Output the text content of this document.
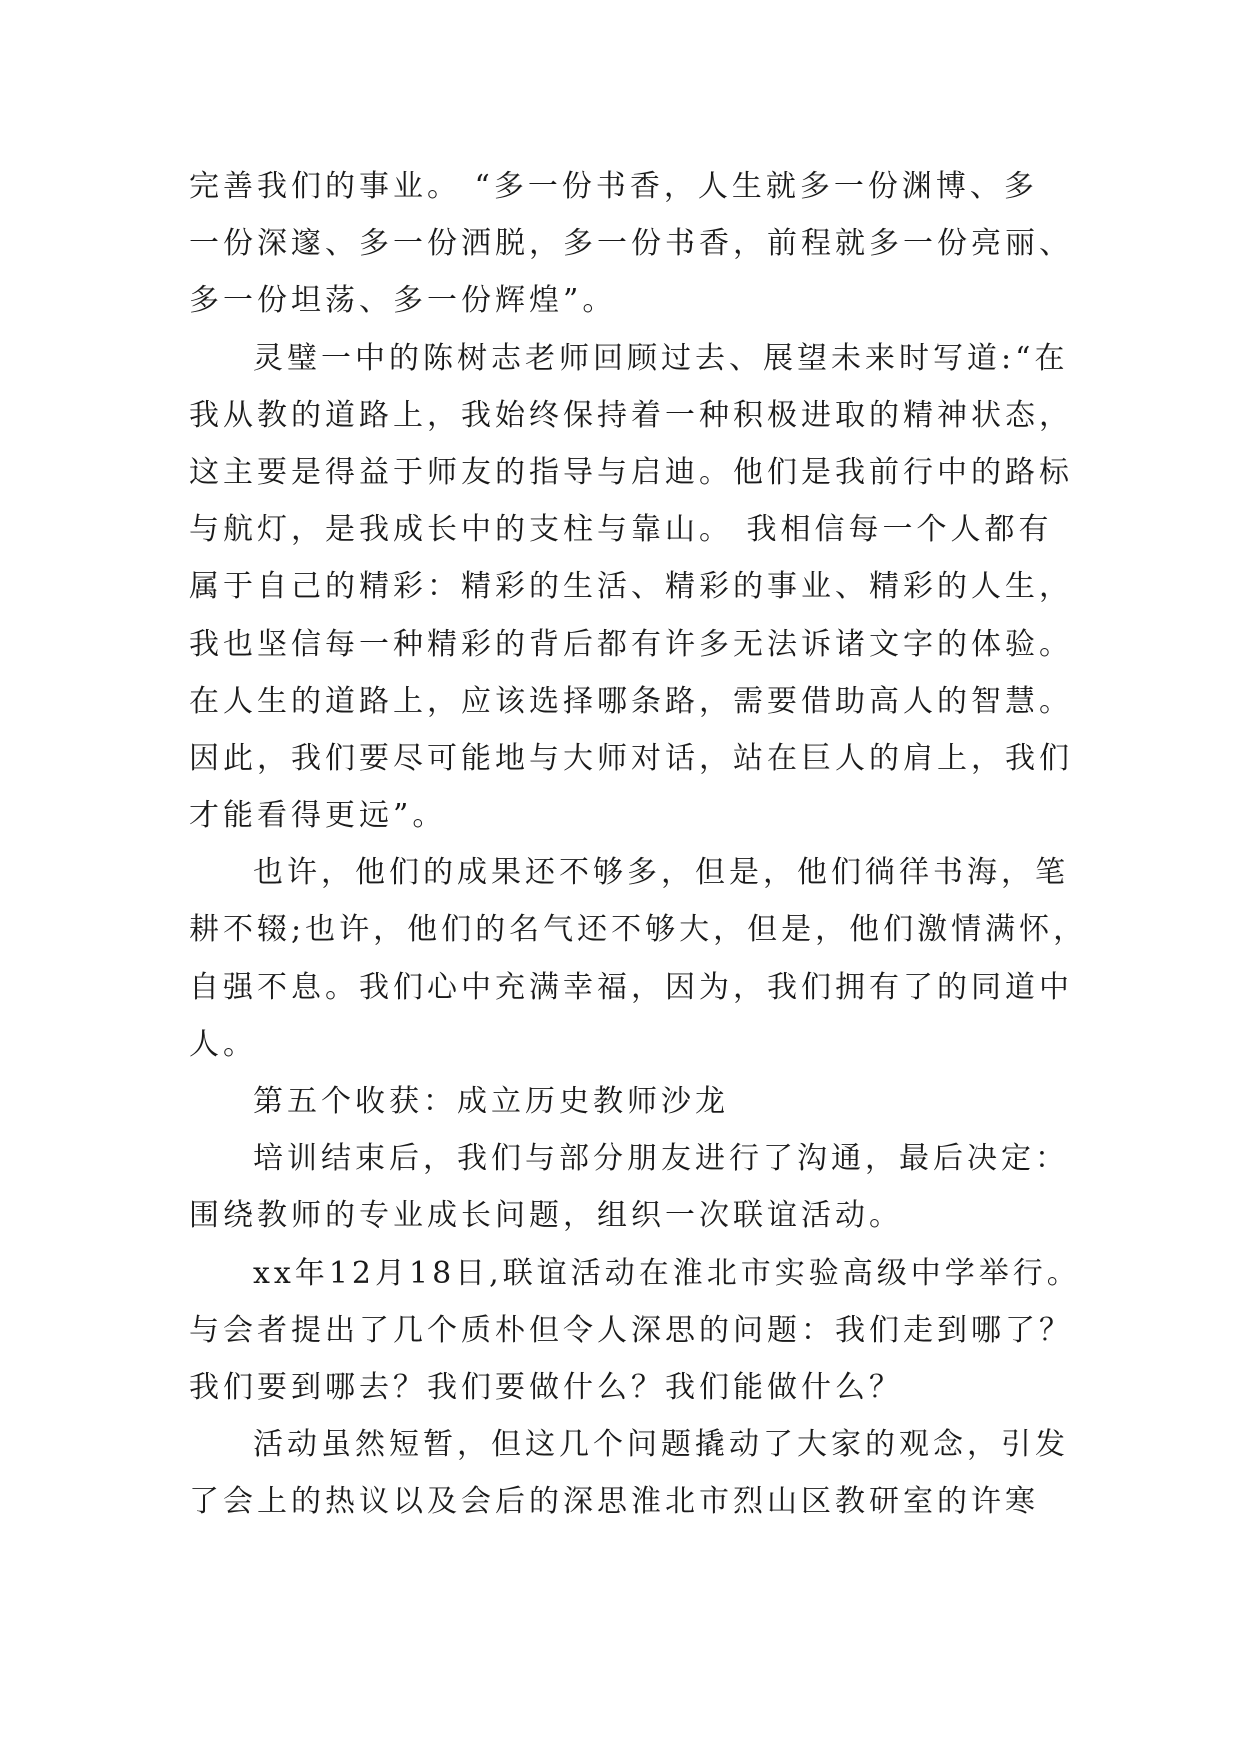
完善我们的事业。 “多一份书香，人生就多一份渊博、多
一份深邃、多一份洒脱，多一份书香，前程就多一份亮丽、
多一份坦荡、多一份辉煌”。
灵璧一中的陈树志老师回顾过去、展望未来时写道:“在
我从教的道路上，我始终保持着一种积极进取的精神状态，
这主要是得益于师友的指导与启迪。他们是我前行中的路标
与航灯，是我成长中的支柱与靠山。 我相信每一个人都有
属于自己的精彩：精彩的生活、精彩的事业、精彩的人生，
我也坚信每一种精彩的背后都有许多无法诉诸文字的体验。
在人生的道路上，应该选择哪条路，需要借助高人的智慧。
因此，我们要尽可能地与大师对话，站在巨人的肩上，我们
才能看得更远”。
也许，他们的成果还不够多，但是，他们徜徉书海，笔
耕不辍;也许，他们的名气还不够大，但是，他们激情满怀，
自强不息。我们心中充满幸福，因为，我们拥有了的同道中
人。
第五个收获：成立历史教师沙龙
培训结束后，我们与部分朋友进行了沟通，最后决定：
围绕教师的专业成长问题，组织一次联谊活动。
xx年12月18日,联谊活动在淮北市实验高级中学举行。
与会者提出了几个质朴但令人深思的问题：我们走到哪了？
我们要到哪去？我们要做什么？我们能做什么？
活动虽然短暂，但这几个问题撬动了大家的观念，引发
了会上的热议以及会后的深思淮北市烈山区教研室的许寒
